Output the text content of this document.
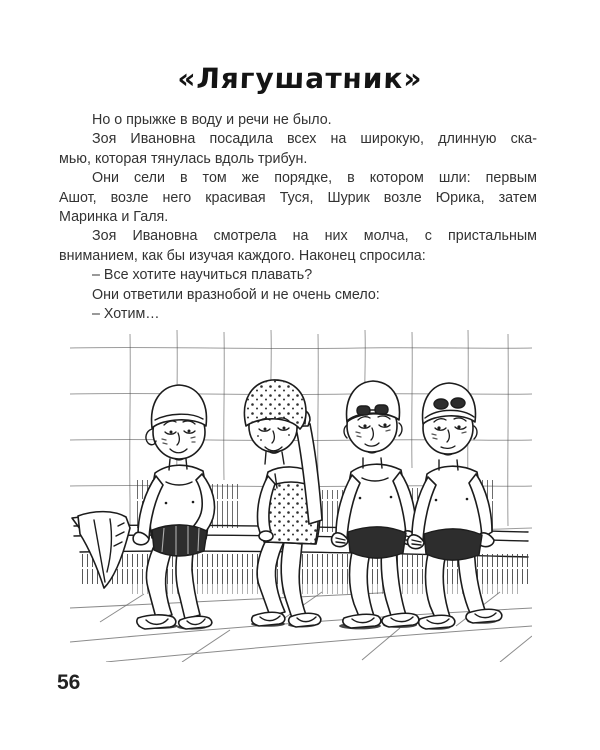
«Лягушатник»
Но о прыжке в воду и речи не было.
Зоя Ивановна посадила всех на широкую, длинную ска-
мью, которая тянулась вдоль трибун.
Они сели в том же порядке, в котором шли: первым
Ашот, возле него красивая Туся, Шурик возле Юрика, затем
Маринка и Галя.
Зоя Ивановна смотрела на них молча, с пристальным
вниманием, как бы изучая каждого. Наконец спросила:
– Все хотите научиться плавать?
Они ответили вразнобой и не очень смело:
– Хотим…
56
